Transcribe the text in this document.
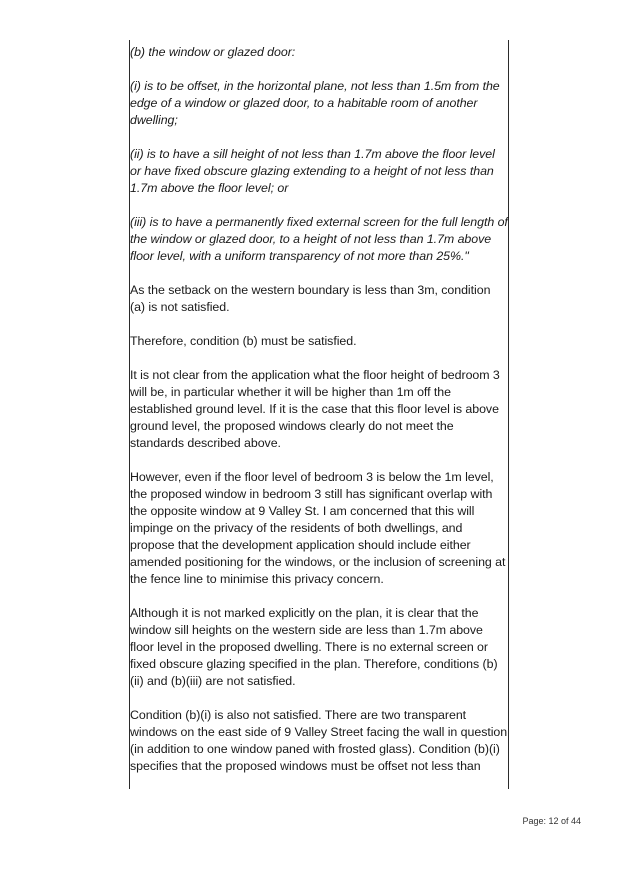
(b) the window or glazed door:

(i) is to be offset, in the horizontal plane, not less than 1.5m from the edge of a window or glazed door, to a habitable room of another dwelling;

(ii) is to have a sill height of not less than 1.7m above the floor level or have fixed obscure glazing extending to a height of not less than 1.7m above the floor level; or

(iii) is to have a permanently fixed external screen for the full length of the window or glazed door, to a height of not less than 1.7m above floor level, with a uniform transparency of not more than 25%."

As the setback on the western boundary is less than 3m, condition (a) is not satisfied.

Therefore, condition (b) must be satisfied.

It is not clear from the application what the floor height of bedroom 3 will be, in particular whether it will be higher than 1m off the established ground level. If it is the case that this floor level is above ground level, the proposed windows clearly do not meet the standards described above.

However, even if the floor level of bedroom 3 is below the 1m level, the proposed window in bedroom 3 still has significant overlap with the opposite window at 9 Valley St. I am concerned that this will impinge on the privacy of the residents of both dwellings, and propose that the development application should include either amended positioning for the windows, or the inclusion of screening at the fence line to minimise this privacy concern.

Although it is not marked explicitly on the plan, it is clear that the window sill heights on the western side are less than 1.7m above floor level in the proposed dwelling. There is no external screen or fixed obscure glazing specified in the plan. Therefore, conditions (b)(ii) and (b)(iii) are not satisfied.

Condition (b)(i) is also not satisfied. There are two transparent windows on the east side of 9 Valley Street facing the wall in question (in addition to one window paned with frosted glass). Condition (b)(i) specifies that the proposed windows must be offset not less than

Page: 12 of 44
